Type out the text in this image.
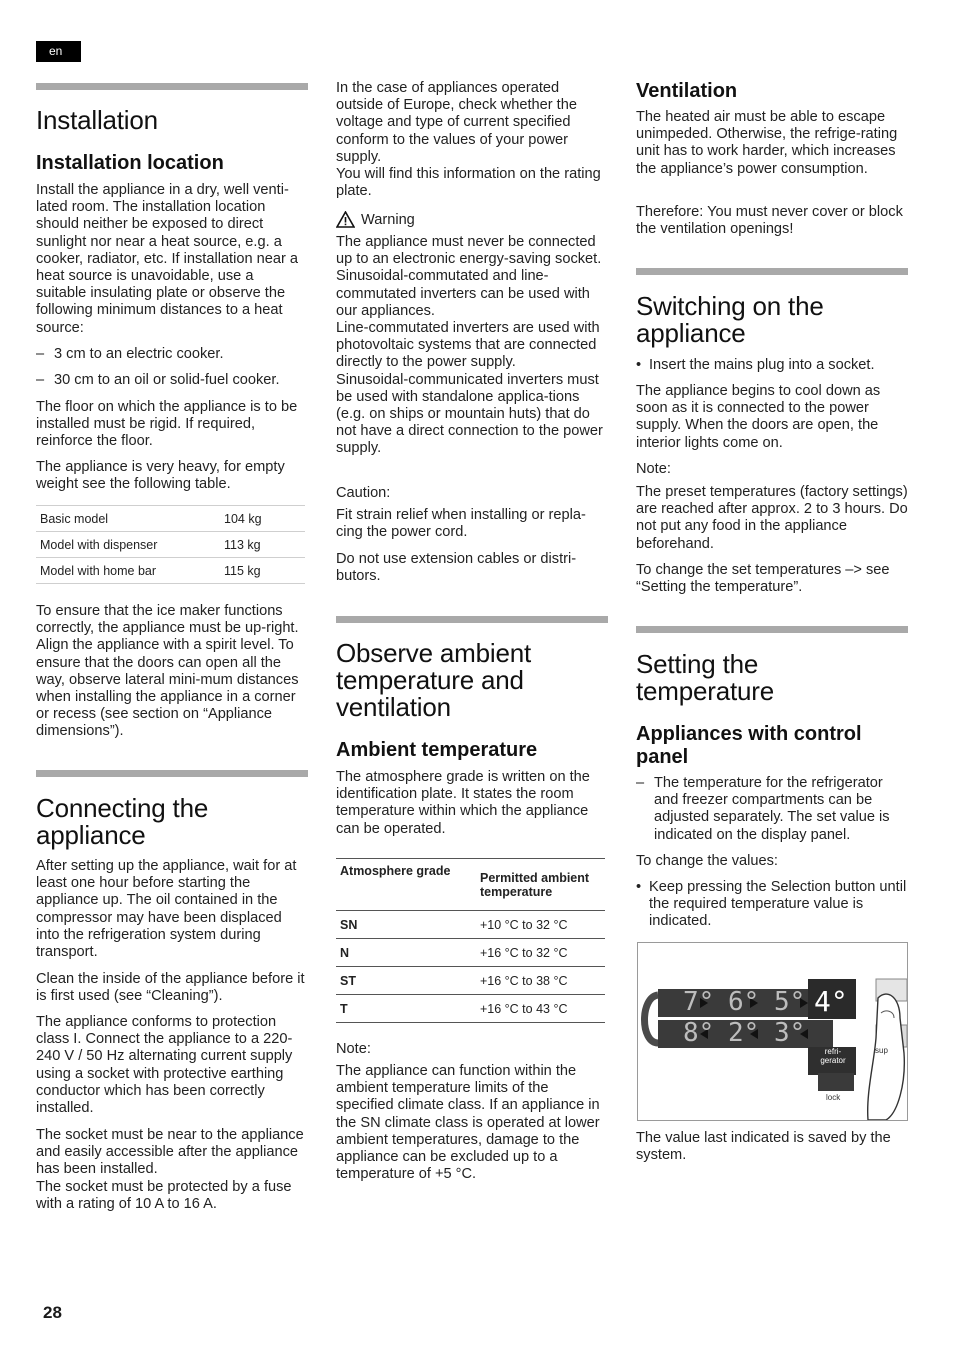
en
Installation
Installation location

Install the appliance in a dry, well venti-lated room. The installation location should neither be exposed to direct sunlight nor near a heat source, e.g. a cooker, radiator, etc. If installation near a heat source is unavoidable, use a suitable insulating plate or observe the following minimum distances to a heat source:

– 3 cm to an electric cooker.
– 30 cm to an oil or solid-fuel cooker.

The floor on which the appliance is to be installed must be rigid. If required, reinforce the floor.

The appliance is very heavy, for empty weight see the following table.

Basic model	104 kg
Model with dispenser	113 kg
Model with home bar	115 kg

To ensure that the ice maker functions correctly, the appliance must be up-right. Align the appliance with a spirit level. To ensure that the doors can open all the way, observe lateral mini-mum distances when installing the appliance in a corner or recess (see section on “Appliance dimensions”).

Connecting the appliance

After setting up the appliance, wait for at least one hour before starting the appliance up. The oil contained in the compressor may have been displaced into the refrigeration system during transport.

Clean the inside of the appliance before it is first used (see “Cleaning”).

The appliance conforms to protection class I. Connect the appliance to a 220-240 V / 50 Hz alternating current supply using a socket with protective earthing conductor which has been correctly installed.

The socket must be near to the appliance and easily accessible after the appliance has been installed.
The socket must be protected by a fuse with a rating of 10 A to 16 A.

28

In the case of appliances operated outside of Europe, check whether the voltage and type of current specified conform to the values of your power supply.
You will find this information on the rating plate.

Warning

The appliance must never be connected up to an electronic energy-saving socket.
Sinusoidal-commutated and line-commutated inverters can be used with our appliances.
Line-commutated inverters are used with photovoltaic systems that are connected directly to the power supply.
Sinusoidal-communicated inverters must be used with standalone applica-tions (e.g. on ships or mountain huts) that do not have a direct connection to the power supply.

Caution:

Fit strain relief when installing or repla-cing the power cord.

Do not use extension cables or distri-butors.

Observe ambient temperature and ventilation
Ambient temperature

The atmosphere grade is written on the identification plate. It states the room temperature within which the appliance can be operated.

Atmosphere grade	Permitted ambient temperature
SN	+10 °C to 32 °C
N	+16 °C to 32 °C
ST	+16 °C to 38 °C
T	+16 °C to 43 °C

Note:

The appliance can function within the ambient temperature limits of the specified climate class. If an appliance in the SN climate class is operated at lower ambient temperatures, damage to the appliance can be excluded up to a temperature of +5 °C.

Ventilation

The heated air must be able to escape unimpeded. Otherwise, the refrige-rating unit has to work harder, which increases the appliance’s power consumption.

Therefore: You must never cover or block the ventilation openings!

Switching on the appliance
• Insert the mains plug into a socket.

The appliance begins to cool down as soon as it is connected to the power supply. When the doors are open, the interior lights come on.

Note:

The preset temperatures (factory settings) are reached after approx. 2 to 3 hours. Do not put any food in the appliance beforehand.

To change the set temperatures –> see “Setting the temperature”.

Setting the temperature
Appliances with control panel
– The temperature for the refrigerator and freezer compartments can be adjusted separately. The set value is indicated on the display panel.

To change the values:

• Keep pressing the Selection button until the required temperature value is indicated.
7° 6° 5° 4°
8° 2° 3°
refri-gerator
sup
lock

The value last indicated is saved by the system.
